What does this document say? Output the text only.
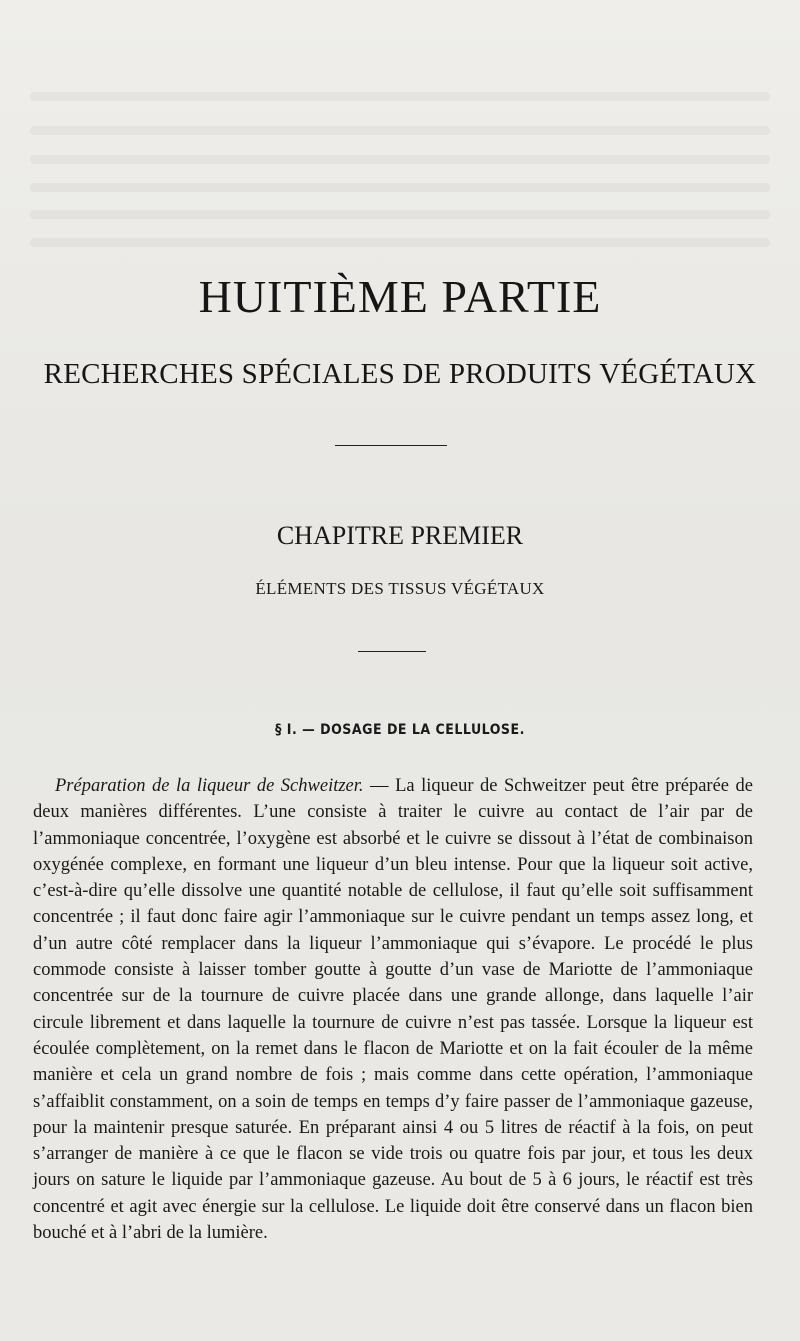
HUITIÈME PARTIE
RECHERCHES SPÉCIALES DE PRODUITS VÉGÉTAUX
CHAPITRE PREMIER
ÉLÉMENTS DES TISSUS VÉGÉTAUX
§ I. — DOSAGE DE LA CELLULOSE.
Préparation de la liqueur de Schweitzer. — La liqueur de Schweitzer peut être préparée de deux manières différentes. L’une consiste à traiter le cuivre au contact de l’air par de l’ammoniaque concentrée, l’oxygène est absorbé et le cuivre se dissout à l’état de combinaison oxygénée complexe, en formant une liqueur d’un bleu intense. Pour que la liqueur soit active, c’est-à-dire qu’elle dissolve une quantité notable de cellulose, il faut qu’elle soit suffisamment concentrée ; il faut donc faire agir l’ammoniaque sur le cuivre pendant un temps assez long, et d’un autre côté remplacer dans la liqueur l’ammoniaque qui s’évapore. Le procédé le plus commode consiste à laisser tomber goutte à goutte d’un vase de Mariotte de l’ammoniaque concentrée sur de la tournure de cuivre placée dans une grande allonge, dans laquelle l’air circule librement et dans laquelle la tournure de cuivre n’est pas tassée. Lorsque la liqueur est écoulée complètement, on la remet dans le flacon de Mariotte et on la fait écouler de la même manière et cela un grand nombre de fois ; mais comme dans cette opération, l’ammoniaque s’affaiblit constamment, on a soin de temps en temps d’y faire passer de l’ammoniaque gazeuse, pour la maintenir presque saturée. En préparant ainsi 4 ou 5 litres de réactif à la fois, on peut s’arranger de manière à ce que le flacon se vide trois ou quatre fois par jour, et tous les deux jours on sature le liquide par l’ammoniaque gazeuse. Au bout de 5 à 6 jours, le réactif est très concentré et agit avec énergie sur la cellulose. Le liquide doit être conservé dans un flacon bien bouché et à l’abri de la lumière.
